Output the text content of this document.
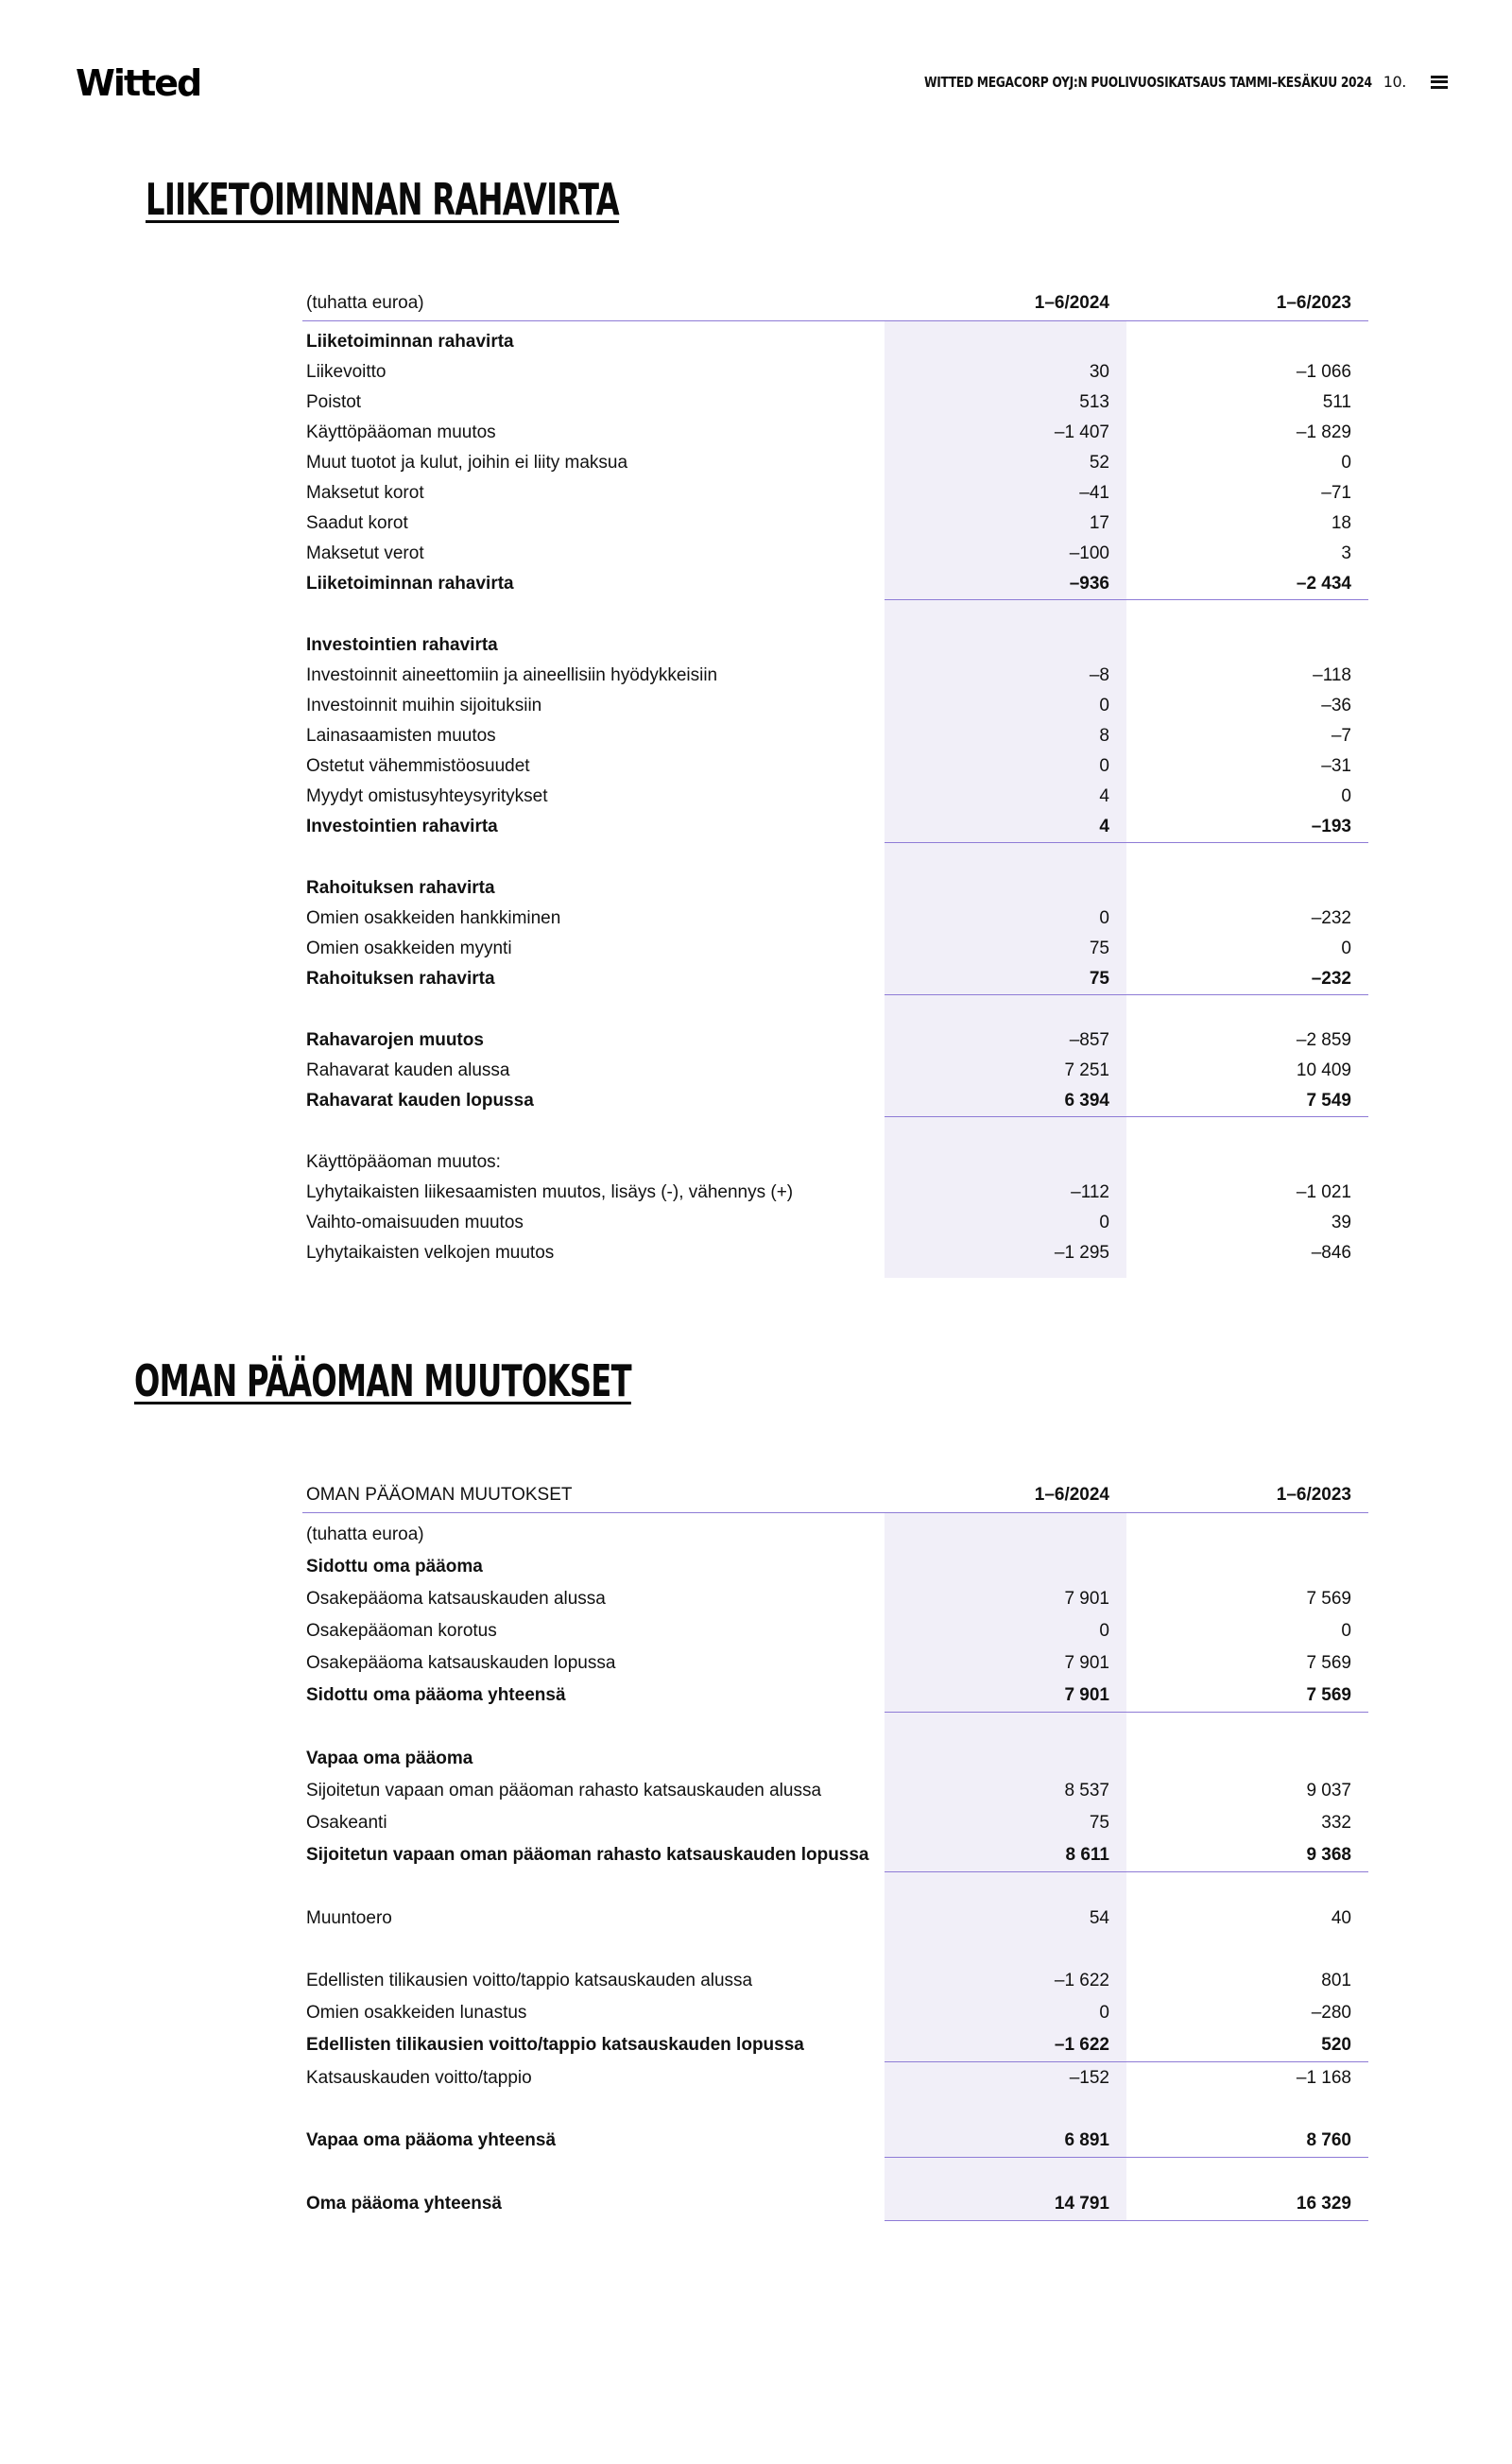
Witted	WITTED MEGACORP OYJ:N PUOLIVUOSIKATSAUS TAMMI–KESÄKUU 2024 10.
LIIKETOIMINNAN RAHAVIRTA
(tuhatta euroa)	1–6/2024	1–6/2023
Liiketoiminnan rahavirta		
Liikevoitto	30	–1 066
Poistot	513	511
Käyttöpääoman muutos	–1 407	–1 829
Muut tuotot ja kulut, joihin ei liity maksua	52	0
Maksetut korot	–41	–71
Saadut korot	17	18
Maksetut verot	–100	3
Liiketoiminnan rahavirta	–936	–2 434

Investointien rahavirta		
Investoinnit aineettomiin ja aineellisiin hyödykkeisiin	–8	–118
Investoinnit muihin sijoituksiin	0	–36
Lainasaamisten muutos	8	–7
Ostetut vähemmistöosuudet	0	–31
Myydyt omistusyhteysyritykset	4	0
Investointien rahavirta	4	–193

Rahoituksen rahavirta		
Omien osakkeiden hankkiminen	0	–232
Omien osakkeiden myynti	75	0
Rahoituksen rahavirta	75	–232

Rahavarojen muutos	–857	–2 859
Rahavarat kauden alussa	7 251	10 409
Rahavarat kauden lopussa	6 394	7 549

Käyttöpääoman muutos:		
Lyhytaikaisten liikesaamisten muutos, lisäys (-), vähennys (+)	–112	–1 021
Vaihto-omaisuuden muutos	0	39
Lyhytaikaisten velkojen muutos	–1 295	–846

OMAN PÄÄOMAN MUUTOKSET
OMAN PÄÄOMAN MUUTOKSET	1–6/2024	1–6/2023
(tuhatta euroa)		
Sidottu oma pääoma		
Osakepääoma katsauskauden alussa	7 901	7 569
Osakepääoman korotus	0	0
Osakepääoma katsauskauden lopussa	7 901	7 569
Sidottu oma pääoma yhteensä	7 901	7 569

Vapaa oma pääoma		
Sijoitetun vapaan oman pääoman rahasto katsauskauden alussa	8 537	9 037
Osakeanti	75	332
Sijoitetun vapaan oman pääoman rahasto katsauskauden lopussa	8 611	9 368

Muuntoero	54	40

Edellisten tilikausien voitto/tappio katsauskauden alussa	–1 622	801
Omien osakkeiden lunastus	0	–280
Edellisten tilikausien voitto/tappio katsauskauden lopussa	–1 622	520
Katsauskauden voitto/tappio	–152	–1 168

Vapaa oma pääoma yhteensä	6 891	8 760

Oma pääoma yhteensä	14 791	16 329
